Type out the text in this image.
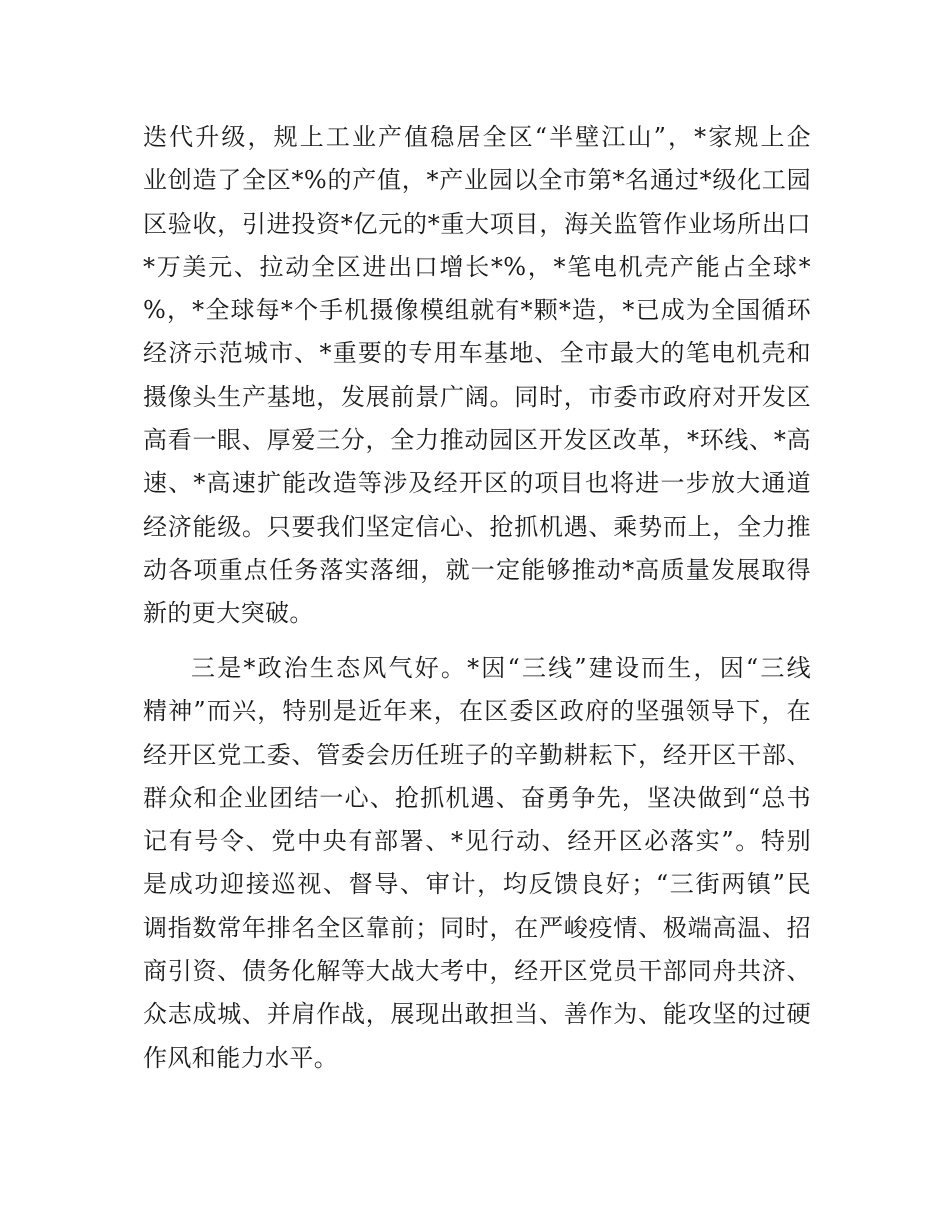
迭代升级，规上工业产值稳居全区“半壁江山”，*家规上企
业创造了全区*%的产值，*产业园以全市第*名通过*级化工园
区验收，引进投资*亿元的*重大项目，海关监管作业场所出口
*万美元、拉动全区进出口增长*%，*笔电机壳产能占全球*
%，*全球每*个手机摄像模组就有*颗*造，*已成为全国循环
经济示范城市、*重要的专用车基地、全市最大的笔电机壳和
摄像头生产基地，发展前景广阔。同时，市委市政府对开发区
高看一眼、厚爱三分，全力推动园区开发区改革，*环线、*高
速、*高速扩能改造等涉及经开区的项目也将进一步放大通道
经济能级。只要我们坚定信心、抢抓机遇、乘势而上，全力推
动各项重点任务落实落细，就一定能够推动*高质量发展取得
新的更大突破。
三是*政治生态风气好。*因“三线”建设而生，因“三线
精神”而兴，特别是近年来，在区委区政府的坚强领导下，在
经开区党工委、管委会历任班子的辛勤耕耘下，经开区干部、
群众和企业团结一心、抢抓机遇、奋勇争先，坚决做到“总书
记有号令、党中央有部署、*见行动、经开区必落实”。特别
是成功迎接巡视、督导、审计，均反馈良好；“三街两镇”民
调指数常年排名全区靠前；同时，在严峻疫情、极端高温、招
商引资、债务化解等大战大考中，经开区党员干部同舟共济、
众志成城、并肩作战，展现出敢担当、善作为、能攻坚的过硬
作风和能力水平。
